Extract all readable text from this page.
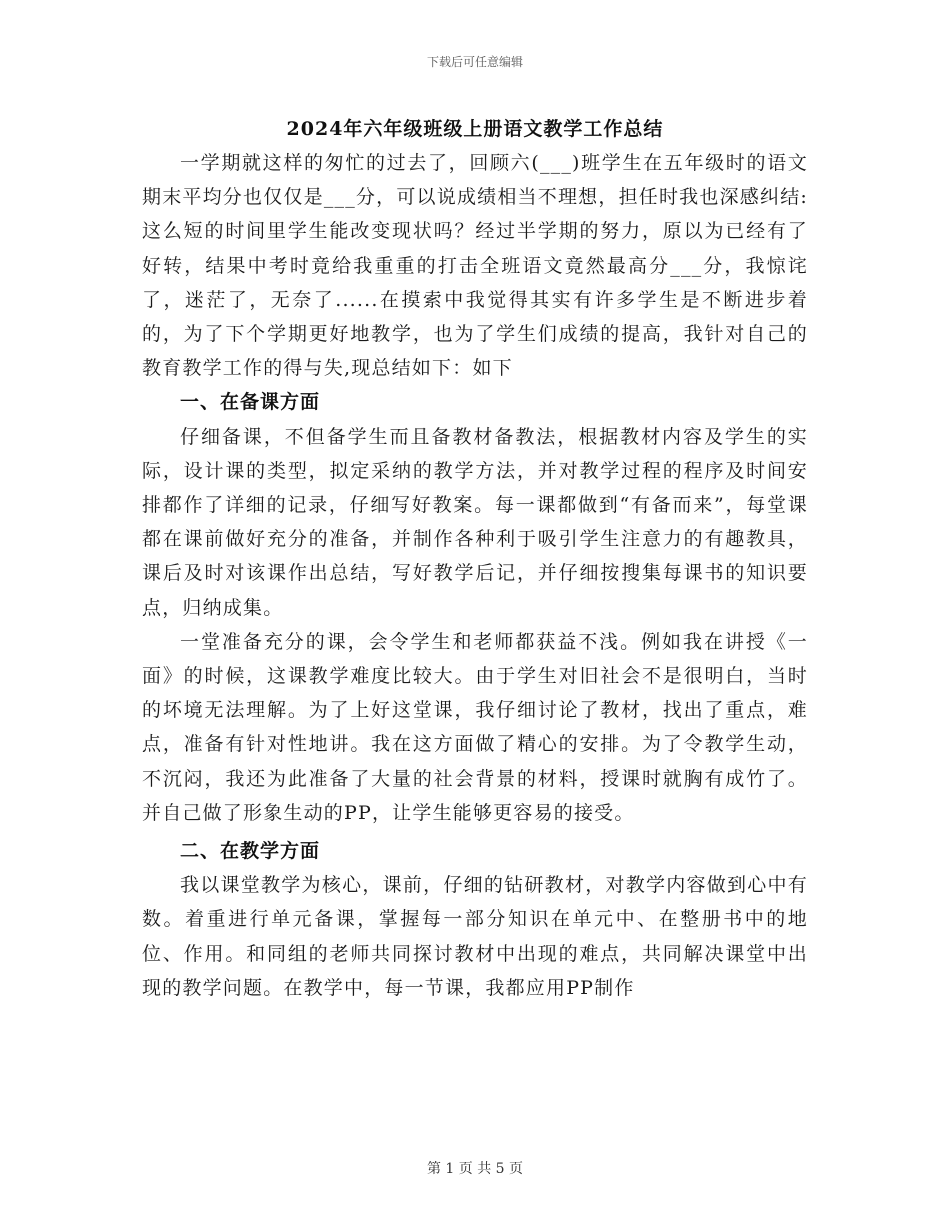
下载后可任意编辑
2024年六年级班级上册语文教学工作总结

一学期就这样的匆忙的过去了，回顾六(___)班学生在五年级时的语文期末平均分也仅仅是___分，可以说成绩相当不理想，担任时我也深感纠结:这么短的时间里学生能改变现状吗？经过半学期的努力，原以为已经有了好转，结果中考时竟给我重重的打击全班语文竟然最高分___分，我惊诧了，迷茫了，无奈了......在摸索中我觉得其实有许多学生是不断进步着的，为了下个学期更好地教学，也为了学生们成绩的提高，我针对自己的教育教学工作的得与失,现总结如下：如下

一、在备课方面

仔细备课，不但备学生而且备教材备教法，根据教材内容及学生的实际，设计课的类型，拟定采纳的教学方法，并对教学过程的程序及时间安排都作了详细的记录，仔细写好教案。每一课都做到“有备而来”，每堂课都在课前做好充分的准备，并制作各种利于吸引学生注意力的有趣教具，课后及时对该课作出总结，写好教学后记，并仔细按搜集每课书的知识要点，归纳成集。

一堂准备充分的课，会令学生和老师都获益不浅。例如我在讲授《一面》的时候，这课教学难度比较大。由于学生对旧社会不是很明白，当时的坏境无法理解。为了上好这堂课，我仔细讨论了教材，找出了重点，难点，准备有针对性地讲。我在这方面做了精心的安排。为了令教学生动，不沉闷，我还为此准备了大量的社会背景的材料，授课时就胸有成竹了。并自己做了形象生动的PP，让学生能够更容易的接受。

二、在教学方面

我以课堂教学为核心，课前，仔细的钻研教材，对教学内容做到心中有数。着重进行单元备课，掌握每一部分知识在单元中、在整册书中的地位、作用。和同组的老师共同探讨教材中出现的难点，共同解决课堂中出现的教学问题。在教学中，每一节课，我都应用PP制作

第 1 页 共 5 页
